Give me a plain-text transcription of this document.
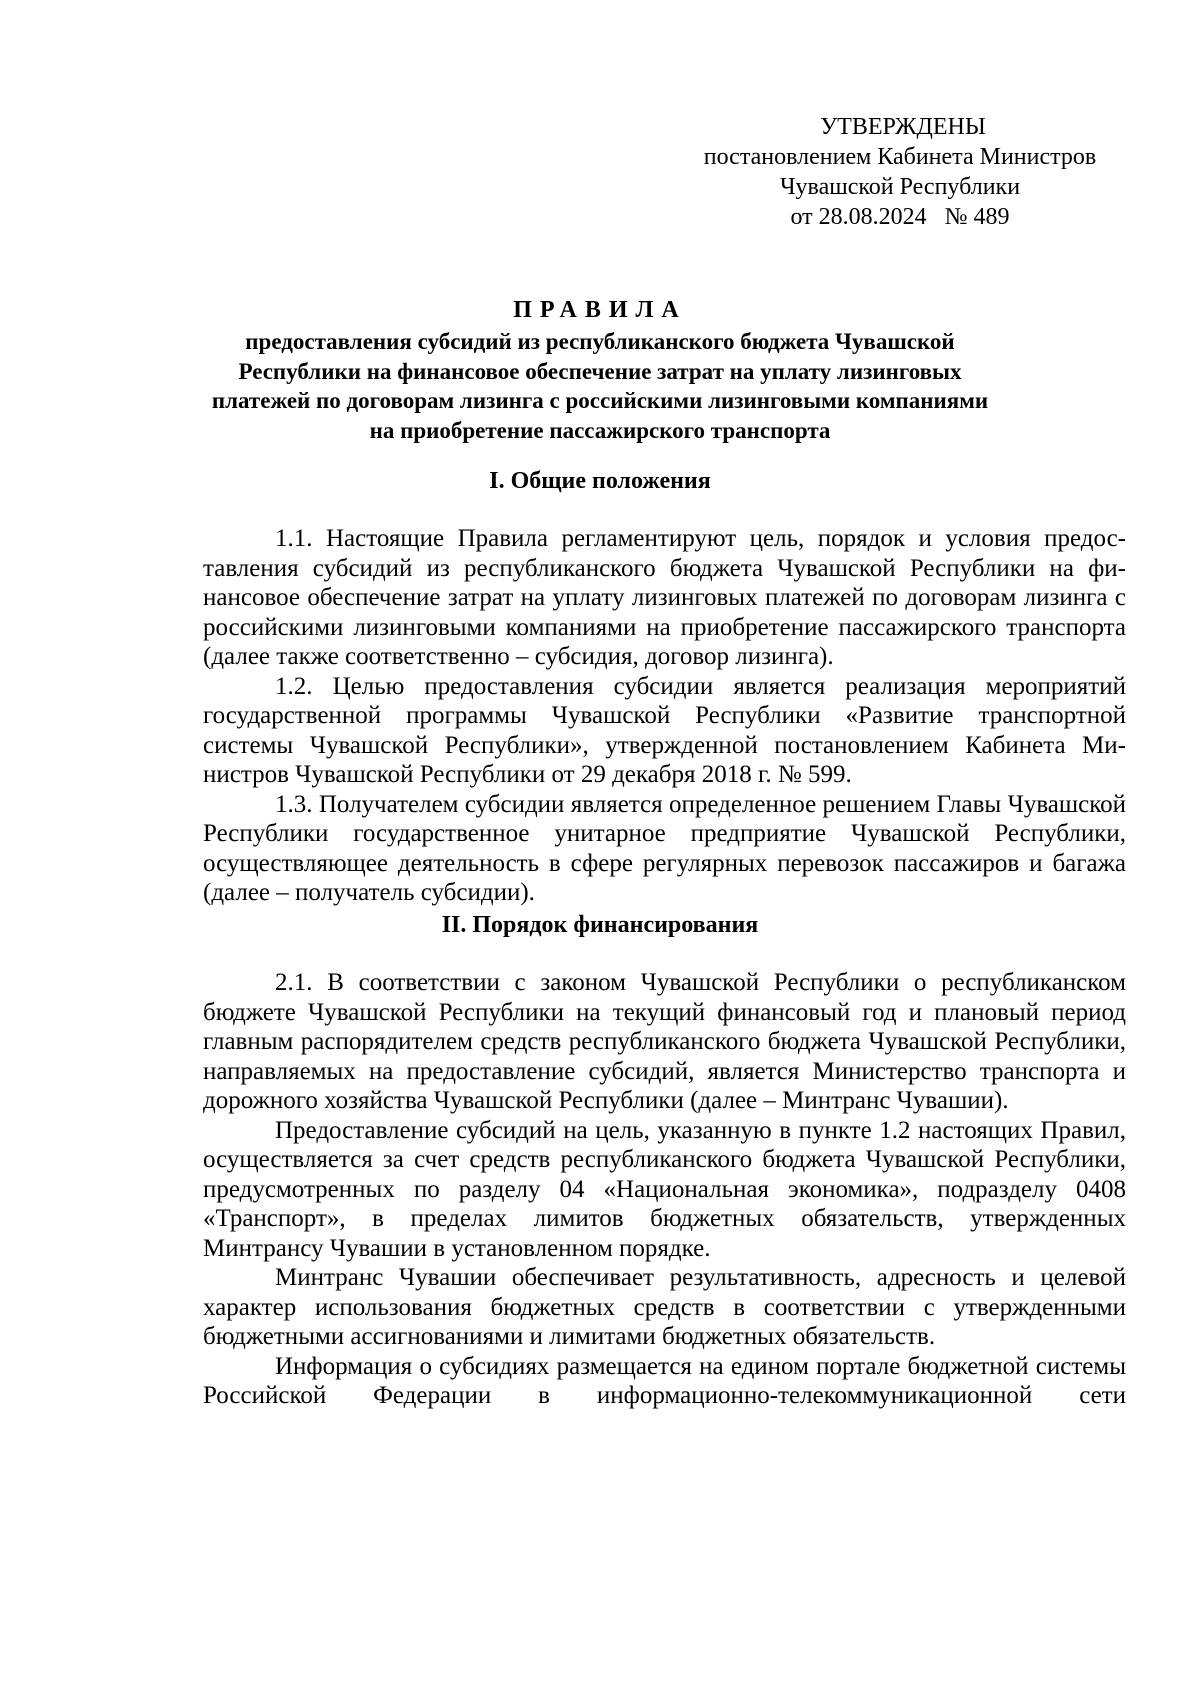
УТВЕРЖДЕНЫ
постановлением Кабинета Министров
Чувашской Республики
от 28.08.2024   № 489
ПРАВИЛА
предоставления субсидий из республиканского бюджета Чувашской
Республики на финансовое обеспечение затрат на уплату лизинговых
платежей по договорам лизинга с российскими лизинговыми компаниями
на приобретение пассажирского транспорта
I. Общие положения

1.1. Настоящие Правила регламентируют цель, порядок и условия предоставления субсидий из республиканского бюджета Чувашской Республики на финансовое обеспечение затрат на уплату лизинговых платежей по договорам лизинга с российскими лизинговыми компаниями на приобретение пассажирского транспорта (далее также соответственно – субсидия, договор лизинга).

1.2. Целью предоставления субсидии является реализация мероприятий государственной программы Чувашской Республики «Развитие транспортной системы Чувашской Республики», утвержденной постановлением Кабинета Министров Чувашской Республики от 29 декабря 2018 г. № 599.

1.3. Получателем субсидии является определенное решением Главы Чувашской Республики государственное унитарное предприятие Чувашской Республики, осуществляющее деятельность в сфере регулярных перевозок пассажиров и багажа (далее – получатель субсидии).

II. Порядок финансирования

2.1. В соответствии с законом Чувашской Республики о республиканском бюджете Чувашской Республики на текущий финансовый год и плановый период главным распорядителем средств республиканского бюджета Чувашской Республики, направляемых на предоставление субсидий, является Министерство транспорта и дорожного хозяйства Чувашской Республики (далее – Минтранс Чувашии).

Предоставление субсидий на цель, указанную в пункте 1.2 настоящих Правил, осуществляется за счет средств республиканского бюджета Чувашской Республики, предусмотренных по разделу 04 «Национальная экономика», подразделу 0408 «Транспорт», в пределах лимитов бюджетных обязательств, утвержденных Минтрансу Чувашии в установленном порядке.

Минтранс Чувашии обеспечивает результативность, адресность и целевой характер использования бюджетных средств в соответствии с утвержденными бюджетными ассигнованиями и лимитами бюджетных обязательств.

Информация о субсидиях размещается на едином портале бюджетной системы Российской Федерации в информационно-телекоммуникационной сети
